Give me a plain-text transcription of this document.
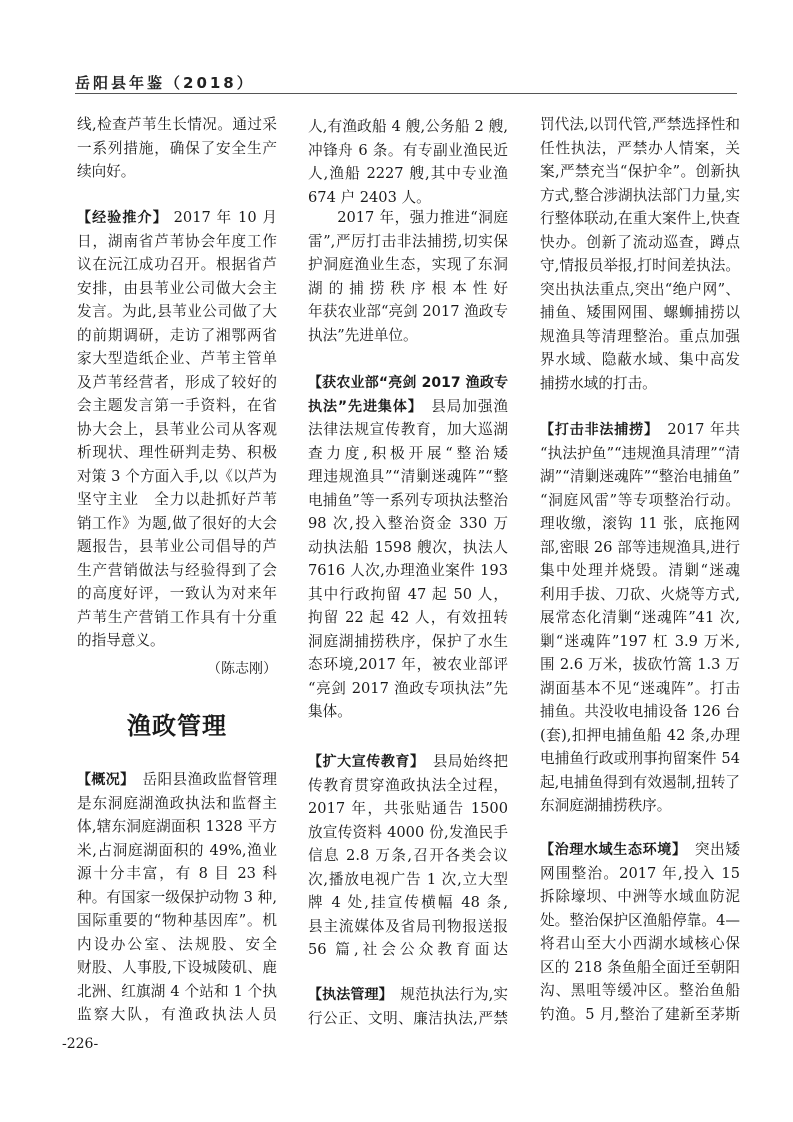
岳阳县年鉴（2018）
线,检查芦苇生长情况。通过采
一系列措施，确保了安全生产
续向好。
【经验推介】 2017 年 10 月
日，湖南省芦苇协会年度工作
议在沅江成功召开。根据省芦
安排，由县苇业公司做大会主
发言。为此,县苇业公司做了大
的前期调研，走访了湘鄂两省
家大型造纸企业、芦苇主管单
及芦苇经营者，形成了较好的
会主题发言第一手资料，在省
协大会上，县苇业公司从客观
析现状、理性研判走势、积极
对策 3 个方面入手,以《以芦为
坚守主业　全力以赴抓好芦苇
销工作》为题,做了很好的大会
题报告，县苇业公司倡导的芦
生产营销做法与经验得到了会
的高度好评，一致认为对来年
芦苇生产营销工作具有十分重
的指导意义。
（陈志刚）
渔政管理
【概况】　岳阳县渔政监督管理
是东洞庭湖渔政执法和监督主
体,辖东洞庭湖面积 1328 平方
米,占洞庭湖面积的 49%,渔业
源十分丰富，有 8 目 23 科
种。有国家一级保护动物 3 种,
国际重要的“物种基因库”。机
内设办公室、法规股、安全
财股、人事股,下设城陵矶、鹿
北洲、红旗湖 4 个站和 1 个执
监察大队，有渔政执法人员
-226-
人,有渔政船 4 艘,公务船 2 艘,
冲锋舟 6 条。有专副业渔民近
人,渔船 2227 艘,其中专业渔
674 户 2403 人。
2017 年，强力推进“洞庭
雷”,严厉打击非法捕捞,切实保
护洞庭渔业生态，实现了东洞
湖的捕捞秩序根本性好
年获农业部“亮剑 2017 渔政专
执法”先进单位。
【获农业部“亮剑 2017 渔政专
执法”先进集体】　县局加强渔
法律法规宣传教育，加大巡湖
查力度,积极开展“整治矮
理违规渔具”“清剿迷魂阵”“整
电捕鱼”等一系列专项执法整治
98 次,投入整治资金 330 万
动执法船 1598 艘次，执法人
7616 人次,办理渔业案件 193
其中行政拘留 47 起 50 人，
拘留 22 起 42 人，有效扭转
洞庭湖捕捞秩序，保护了水生
态环境,2017 年，被农业部评
“亮剑 2017 渔政专项执法”先
集体。
【扩大宣传教育】　县局始终把
传教育贯穿渔政执法全过程，
2017 年，共张贴通告 1500
放宣传资料 4000 份,发渔民手
信息 2.8 万条,召开各类会议
次,播放电视广告 1 次,立大型
牌 4 处,挂宣传横幅 48 条,
县主流媒体及省局刊物报送报
56 篇,社会公众教育面达
【执法管理】　规范执法行为,实
行公正、文明、廉洁执法,严禁
罚代法,以罚代管,严禁选择性和
任性执法，严禁办人情案，关
案,严禁充当“保护伞”。创新执
方式,整合涉湖执法部门力量,实
行整体联动,在重大案件上,快查
快办。创新了流动巡查，蹲点
守,情报员举报,打时间差执法。
突出执法重点,突出“绝户网”、
捕鱼、矮围网围、螺蛳捕捞以
规渔具等清理整治。重点加强
界水域、隐蔽水域、集中高发
捕捞水域的打击。
【打击非法捕捞】　2017 年共
“执法护鱼”“违规渔具清理”“清
湖”“清剿迷魂阵”“整治电捕鱼”
“洞庭风雷”等专项整治行动。
理收缴，滚钩 11 张，底拖网
部,密眼 26 部等违规渔具,进行
集中处理并烧毁。清剿“迷魂
利用手拔、刀砍、火烧等方式,
展常态化清剿“迷魂阵”41 次,
剿“迷魂阵”197 杠 3.9 万米,
围 2.6 万米，拔砍竹篙 1.3 万
湖面基本不见“迷魂阵”。打击
捕鱼。共没收电捕设备 126 台
(套),扣押电捕鱼船 42 条,办理
电捕鱼行政或刑事拘留案件 54
起,电捕鱼得到有效遏制,扭转了
东洞庭湖捕捞秩序。
【治理水域生态环境】　突出矮
网围整治。2017 年,投入 15
拆除壕坝、中洲等水域血防泥
处。整治保护区渔船停靠。4—
将君山至大小西湖水域核心保
区的 218 条鱼船全面迁至朝阳
沟、黑咀等缓冲区。整治鱼船
钓渔。5 月,整治了建新至茅斯
